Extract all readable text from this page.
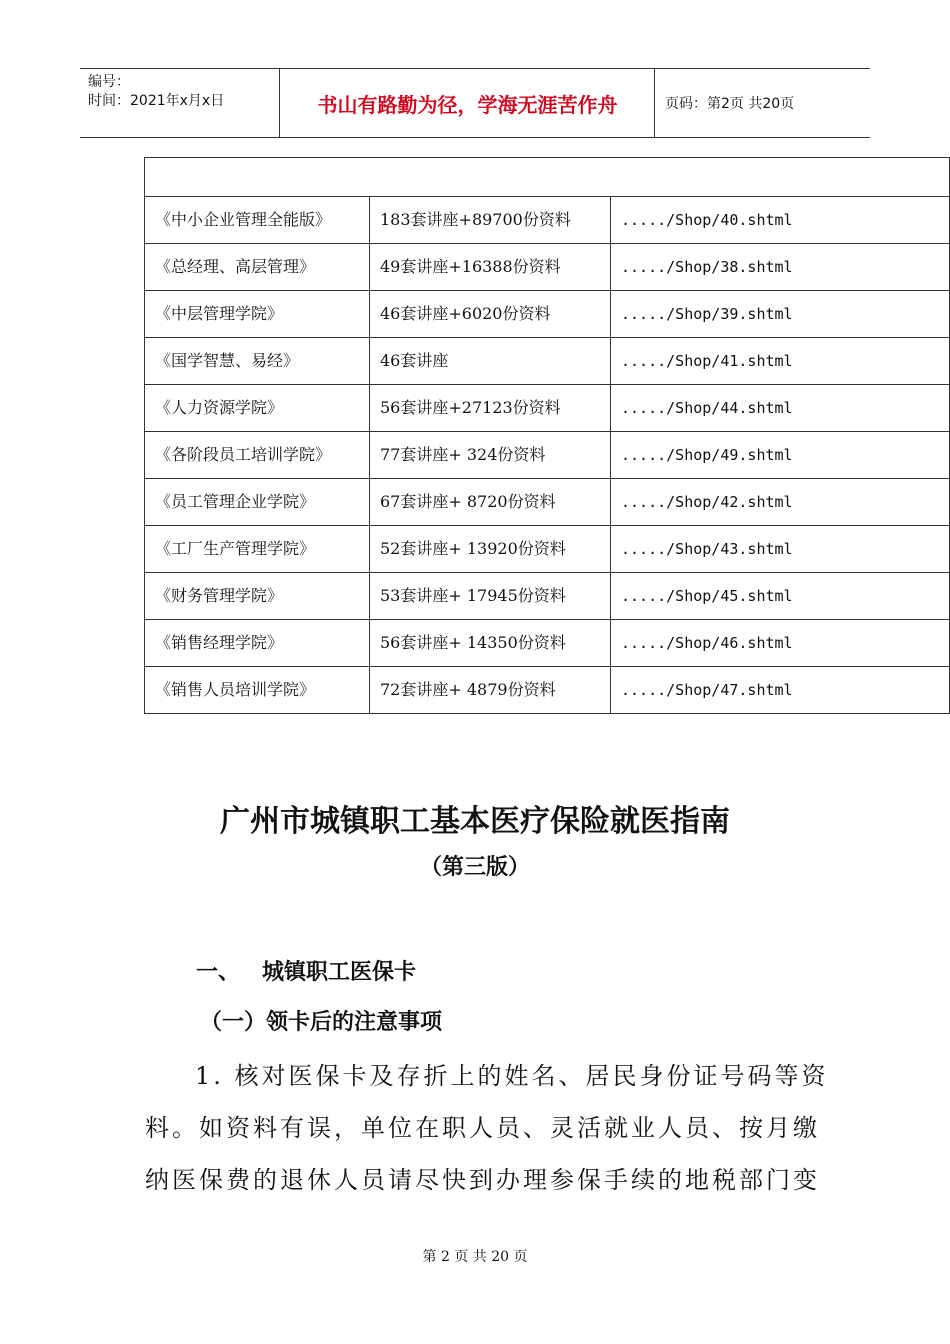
编号：
时间：2021年x月x日	书山有路勤为径，学海无涯苦作舟	页码：第2页 共20页

《中小企业管理全能版》	183套讲座+89700份资料	...../Shop/40.shtml
《总经理、高层管理》	49套讲座+16388份资料	...../Shop/38.shtml
《中层管理学院》	46套讲座+6020份资料	...../Shop/39.shtml
《国学智慧、易经》	46套讲座	...../Shop/41.shtml
《人力资源学院》	56套讲座+27123份资料	...../Shop/44.shtml
《各阶段员工培训学院》	77套讲座+ 324份资料	...../Shop/49.shtml
《员工管理企业学院》	67套讲座+ 8720份资料	...../Shop/42.shtml
《工厂生产管理学院》	52套讲座+ 13920份资料	...../Shop/43.shtml
《财务管理学院》	53套讲座+ 17945份资料	...../Shop/45.shtml
《销售经理学院》	56套讲座+ 14350份资料	...../Shop/46.shtml
《销售人员培训学院》	72套讲座+ 4879份资料	...../Shop/47.shtml
广州市城镇职工基本医疗保险就医指南
（第三版）
一、 城镇职工医保卡
（一）领卡后的注意事项
1. 核对医保卡及存折上的姓名、居民身份证号码等资
料。如资料有误，单位在职人员、灵活就业人员、按月缴
纳医保费的退休人员请尽快到办理参保手续的地税部门变
第 2 页 共 20 页
